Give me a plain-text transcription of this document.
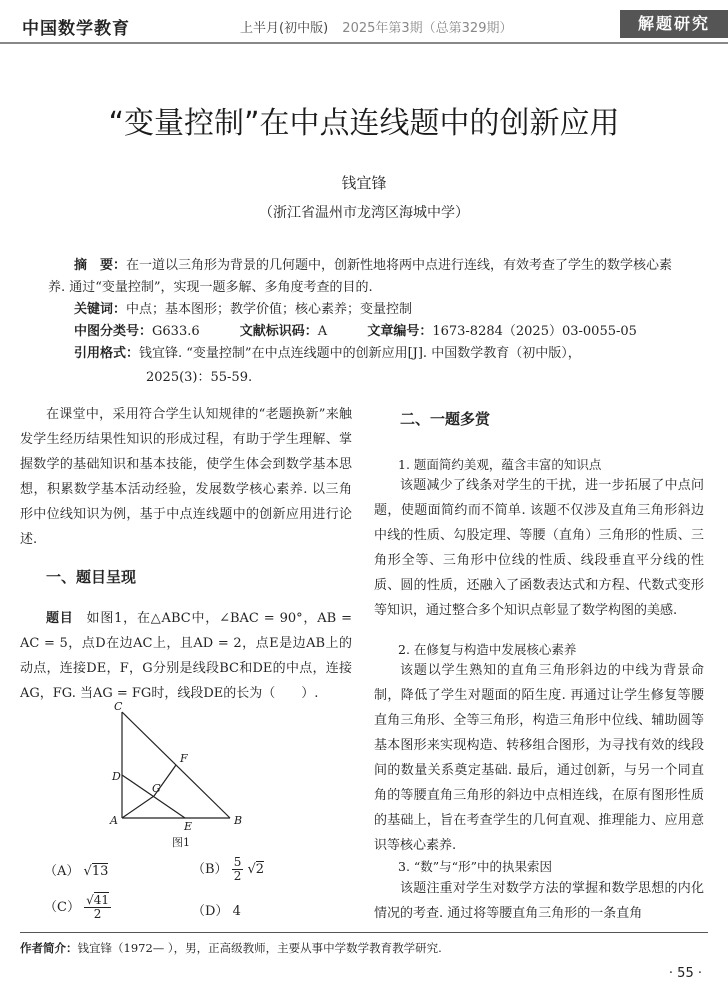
中国数学教育	上半月(初中版) 2025年第3期（总第329期）	解题研究
“变量控制”在中点连线题中的创新应用
钱宜锋
（浙江省温州市龙湾区海城中学）
摘　要：在一道以三角形为背景的几何题中，创新性地将两中点进行连线，有效考查了学生的数学核心素养. 通过“变量控制”，实现一题多解、多角度考查的目的.
关键词：中点；基本图形；教学价值；核心素养；变量控制
中图分类号：G633.6	文献标识码：A	文章编号：1673-8284（2025）03-0055-05
引用格式：钱宜锋. “变量控制”在中点连线题中的创新应用[J]. 中国数学教育（初中版），
2025(3)：55-59.
在课堂中，采用符合学生认知规律的“老题换新”来触发学生经历结果性知识的形成过程，有助于学生理解、掌握数学的基础知识和基本技能，使学生体会到数学基本思想，积累数学基本活动经验，发展数学核心素养. 以三角形中位线知识为例，基于中点连线题中的创新应用进行论述.
一、题目呈现
题目 如图1，在△ABC中，∠BAC = 90°，AB = AC = 5，点D在边AC上，且AD = 2，点E是边AB上的动点，连接DE，F，G分别是线段BC和DE的中点，连接AG，FG. 当AG = FG时，线段DE的长为（　　）.
C
D
A	B
E
F
G
图1
（A） √13	$(B) \frac{5}{2} √2$
$(C) \frac{√41}{2}$	（D） 4
二、一题多赏
1. 题面简约美观，蕴含丰富的知识点
该题减少了线条对学生的干扰，进一步拓展了中点问题，使题面简约而不简单. 该题不仅涉及直角三角形斜边中线的性质、勾股定理、等腰（直角）三角形的性质、三角形全等、三角形中位线的性质、线段垂直平分线的性质、圆的性质，还融入了函数表达式和方程、代数式变形等知识，通过整合多个知识点彰显了数学构图的美感.
2. 在修复与构造中发展核心素养
该题以学生熟知的直角三角形斜边的中线为背景命制，降低了学生对题面的陌生度. 再通过让学生修复等腰直角三角形、全等三角形，构造三角形中位线、辅助圆等基本图形来实现构造、转移组合图形，为寻找有效的线段间的数量关系奠定基础. 最后，通过创新，与另一个同直角的等腰直角三角形的斜边中点相连线，在原有图形性质的基础上，旨在考查学生的几何直观、推理能力、应用意识等核心素养.
3. “数”与“形”中的执果索因
该题注重对学生对数学方法的掌握和数学思想的内化情况的考查. 通过将等腰直角三角形的一条直角
作者简介：钱宜锋（1972— ），男，正高级教师，主要从事中学数学教育教学研究.
· 55 ·
